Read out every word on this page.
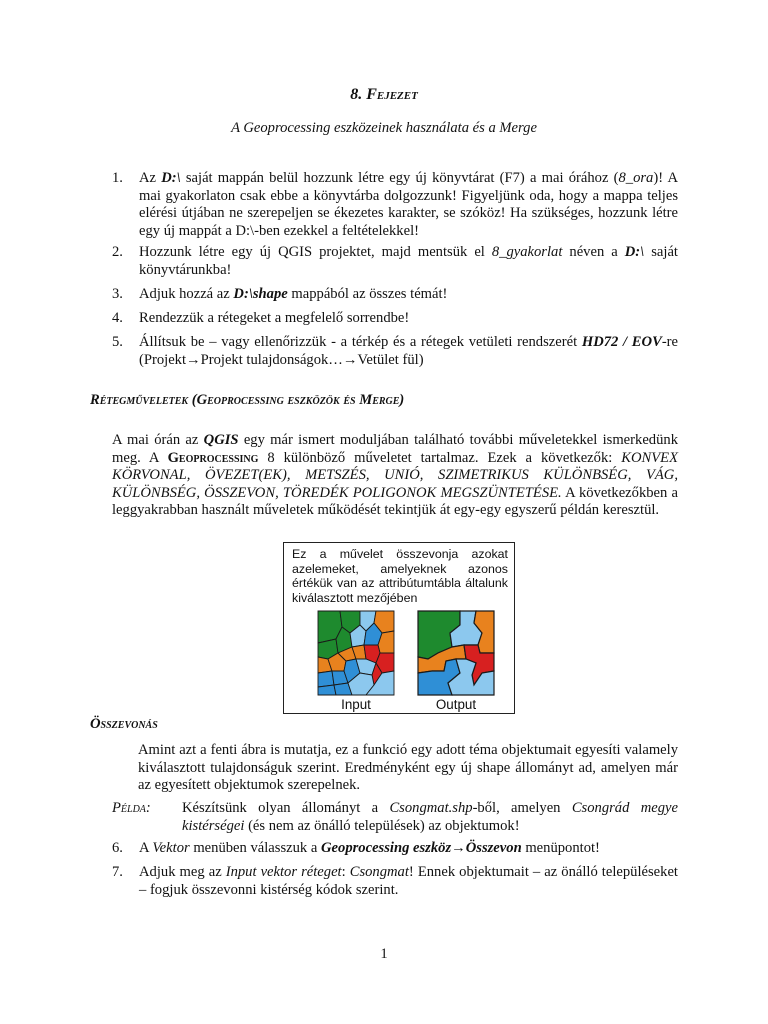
8. Fejezet
A Geoprocessing eszközeinek használata és a Merge
1. Az D:\ saját mappán belül hozzunk létre egy új könyvtárat (F7) a mai órához (8_ora)! A mai gyakorlaton csak ebbe a könyvtárba dolgozzunk! Figyeljünk oda, hogy a mappa teljes elérési útjában ne szerepeljen se ékezetes karakter, se szóköz! Ha szükséges, hozzunk létre egy új mappát a D:\-ben ezekkel a feltételekkel!
2. Hozzunk létre egy új QGIS projektet, majd mentsük el 8_gyakorlat néven a D:\ saját könyvtárunkba!
3. Adjuk hozzá az D:\shape mappából az összes témát!
4. Rendezzük a rétegeket a megfelelő sorrendbe!
5. Állítsuk be – vagy ellenőrizzük - a térkép és a rétegek vetületi rendszerét HD72 / EOV-re (Projekt→Projekt tulajdonságok…→Vetület fül)
Rétegműveletek (Geoprocessing eszközök és Merge)
A mai órán az QGIS egy már ismert moduljában található további műveletekkel ismerkedünk meg. A Geoprocessing 8 különböző műveletet tartalmaz. Ezek a következők: KONVEX KÖRVONAL, ÖVEZET(EK), METSZÉS, UNIÓ, SZIMETRIKUS KÜLÖNBSÉG, VÁG, KÜLÖNBSÉG, ÖSSZEVON, TÖREDÉK POLIGONOK MEGSZÜNTETÉSE. A következőkben a leggyakrabban használt műveletek működését tekintjük át egy-egy egyszerű példán keresztül.
Ez a művelet összevonja azokat azelemeket, amelyeknek azonos értékük van az attribútumtábla általunk kiválasztott mezőjében
Input	Output
Összevonás
Amint azt a fenti ábra is mutatja, ez a funkció egy adott téma objektumait egyesíti valamely kiválasztott tulajdonságuk szerint. Eredményként egy új shape állományt ad, amelyen már az egyesített objektumok szerepelnek.
Példa: Készítsünk olyan állományt a Csongmat.shp-ből, amelyen Csongrád megye kistérségei (és nem az önálló települések) az objektumok!
6. A Vektor menüben válasszuk a Geoprocessing eszköz→Összevon menüpontot!
7. Adjuk meg az Input vektor réteget: Csongmat! Ennek objektumait – az önálló településeket – fogjuk összevonni kistérség kódok szerint.
1
